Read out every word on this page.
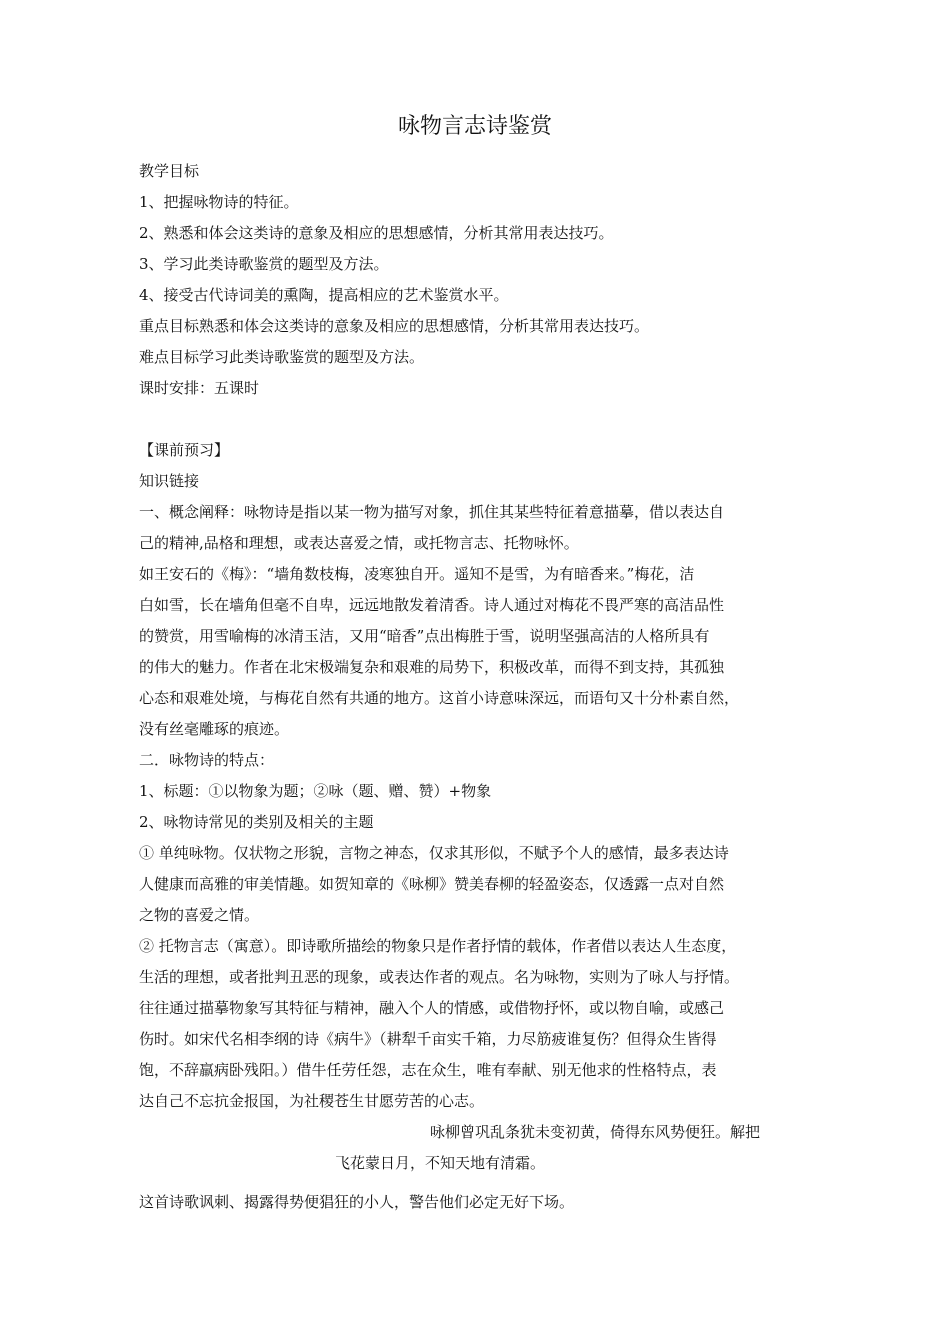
咏物言志诗鉴赏
教学目标
1、把握咏物诗的特征。
2、熟悉和体会这类诗的意象及相应的思想感情，分析其常用表达技巧。
3、学习此类诗歌鉴赏的题型及方法。
4、接受古代诗词美的熏陶，提高相应的艺术鉴赏水平。
重点目标熟悉和体会这类诗的意象及相应的思想感情，分析其常用表达技巧。
难点目标学习此类诗歌鉴赏的题型及方法。
课时安排：五课时
【课前预习】
知识链接
一、概念阐释：咏物诗是指以某一物为描写对象，抓住其某些特征着意描摹，借以表达自
己的精神,品格和理想，或表达喜爱之情，或托物言志、托物咏怀。
如王安石的《梅》：“墙角数枝梅，凌寒独自开。遥知不是雪，为有暗香来。”梅花，洁
白如雪，长在墙角但毫不自卑，远远地散发着清香。诗人通过对梅花不畏严寒的高洁品性
的赞赏，用雪喻梅的冰清玉洁，又用“暗香”点出梅胜于雪，说明坚强高洁的人格所具有
的伟大的魅力。作者在北宋极端复杂和艰难的局势下，积极改革，而得不到支持，其孤独
心态和艰难处境，与梅花自然有共通的地方。这首小诗意味深远，而语句又十分朴素自然，
没有丝毫雕琢的痕迹。
二．咏物诗的特点：
1、标题：①以物象为题；②咏（题、赠、赞）+物象
2、咏物诗常见的类别及相关的主题
① 单纯咏物。仅状物之形貌，言物之神态，仅求其形似，不赋予个人的感情，最多表达诗
人健康而高雅的审美情趣。如贺知章的《咏柳》赞美春柳的轻盈姿态，仅透露一点对自然
之物的喜爱之情。
② 托物言志（寓意）。即诗歌所描绘的物象只是作者抒情的载体，作者借以表达人生态度，
生活的理想，或者批判丑恶的现象，或表达作者的观点。名为咏物，实则为了咏人与抒情。
往往通过描摹物象写其特征与精神，融入个人的情感，或借物抒怀，或以物自喻，或感己
伤时。如宋代名相李纲的诗《病牛》（耕犁千亩实千箱，力尽筋疲谁复伤？但得众生皆得
饱，不辞羸病卧残阳。）借牛任劳任怨，志在众生，唯有奉献、别无他求的性格特点，表
达自己不忘抗金报国，为社稷苍生甘愿劳苦的心志。
咏柳曾巩乱条犹未变初黄，倚得东风势便狂。解把
飞花蒙日月，不知天地有清霜。
这首诗歌讽刺、揭露得势便猖狂的小人，警告他们必定无好下场。
